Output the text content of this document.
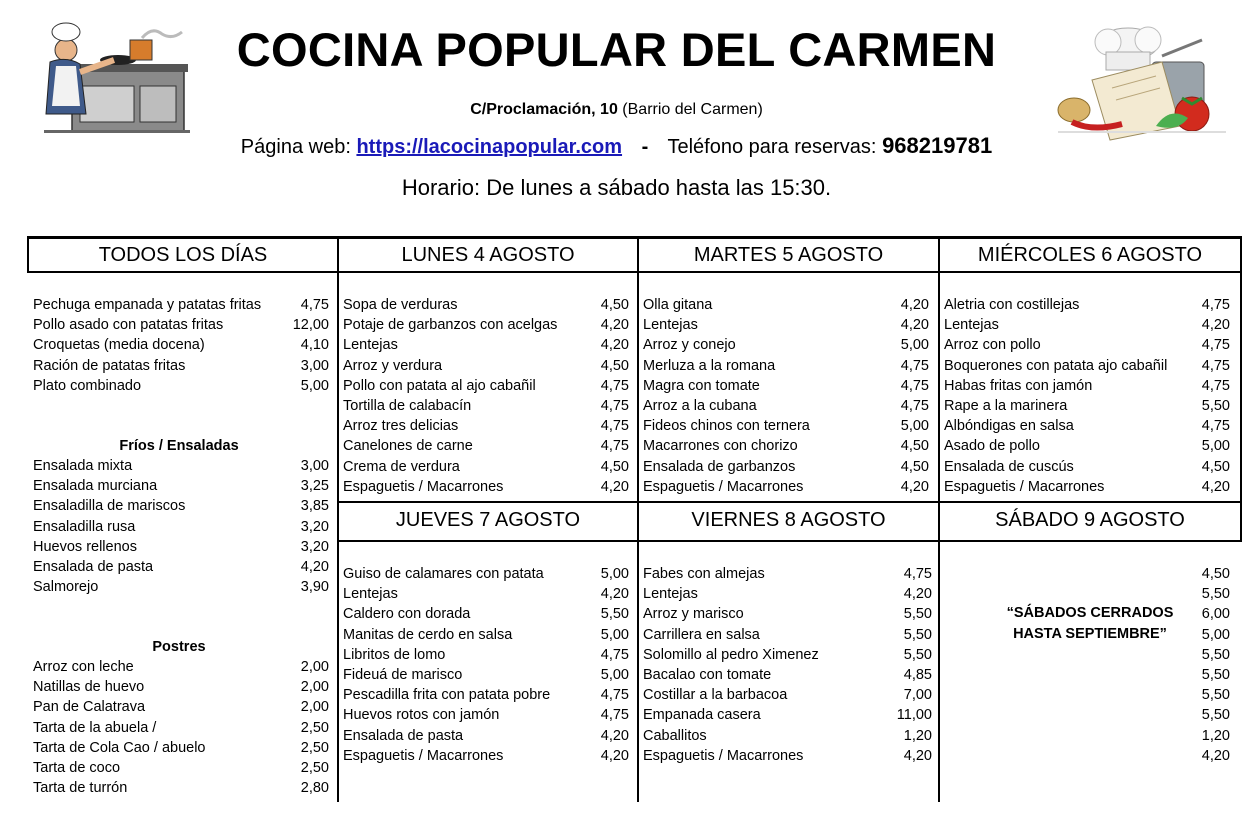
COCINA POPULAR DEL CARMEN
C/Proclamación, 10 (Barrio del Carmen)
Página web: https://lacocinapopular.com - Teléfono para reservas: 968219781
Horario: De lunes a sábado hasta las 15:30.
TODOS LOS DÍAS	LUNES 4 AGOSTO	MARTES 5 AGOSTO	MIÉRCOLES 6 AGOSTO
JUEVES 7 AGOSTO	VIERNES 8 AGOSTO	SÁBADO 9 AGOSTO
Fríos / Ensaladas
Postres
Pechuga empanada y patatas fritas	4,75
Pollo asado con patatas fritas	12,00
Croquetas (media docena)	4,10
Ración de patatas fritas	3,00
Plato combinado	5,00
Ensalada mixta	3,00
Ensalada murciana	3,25
Ensaladilla de mariscos	3,85
Ensaladilla rusa	3,20
Huevos rellenos	3,20
Ensalada de pasta	4,20
Salmorejo	3,90
Arroz con leche	2,00
Natillas de huevo	2,00
Pan de Calatrava	2,00
Tarta de la abuela /	2,50
Tarta de Cola Cao / abuelo	2,50
Tarta de coco	2,50
Tarta de turrón	2,80
Sopa de verduras	4,50
Potaje de garbanzos con acelgas	4,20
Lentejas	4,20
Arroz y verdura	4,50
Pollo con patata al ajo cabañil	4,75
Tortilla de calabacín	4,75
Arroz tres delicias	4,75
Canelones de carne	4,75
Crema de verdura	4,50
Espaguetis / Macarrones	4,20
Olla gitana	4,20
Lentejas	4,20
Arroz y conejo	5,00
Merluza a la romana	4,75
Magra con tomate	4,75
Arroz a la cubana	4,75
Fideos chinos con ternera	5,00
Macarrones con chorizo	4,50
Ensalada de garbanzos	4,50
Espaguetis / Macarrones	4,20
Aletria con costillejas	4,75
Lentejas	4,20
Arroz con pollo	4,75
Boquerones con patata ajo cabañil 4,75
Habas fritas con jamón	4,75
Rape a la marinera	5,50
Albóndigas en salsa	4,75
Asado de pollo	5,00
Ensalada de cuscús	4,50
Espaguetis / Macarrones	4,20
Guiso de calamares con patata	5,00
Lentejas	4,20
Caldero con dorada	5,50
Manitas de cerdo en salsa	5,00
Libritos de lomo	4,75
Fideuá de marisco	5,00
Pescadilla frita con patata pobre	4,75
Huevos rotos con jamón	4,75
Ensalada de pasta	4,20
Espaguetis / Macarrones	4,20
Fabes con almejas	4,75
Lentejas	4,20
Arroz y marisco	5,50
Carrillera en salsa	5,50
Solomillo al pedro Ximenez	5,50
Bacalao con tomate	4,85
Costillar a la barbacoa	7,00
Empanada casera	11,00
Caballitos	1,20
Espaguetis / Macarrones	4,20
4,50
5,50
6,00
5,00
5,50
5,50
5,50
5,50
1,20
4,20
“SÁBADOS CERRADOS
HASTA SEPTIEMBRE”
